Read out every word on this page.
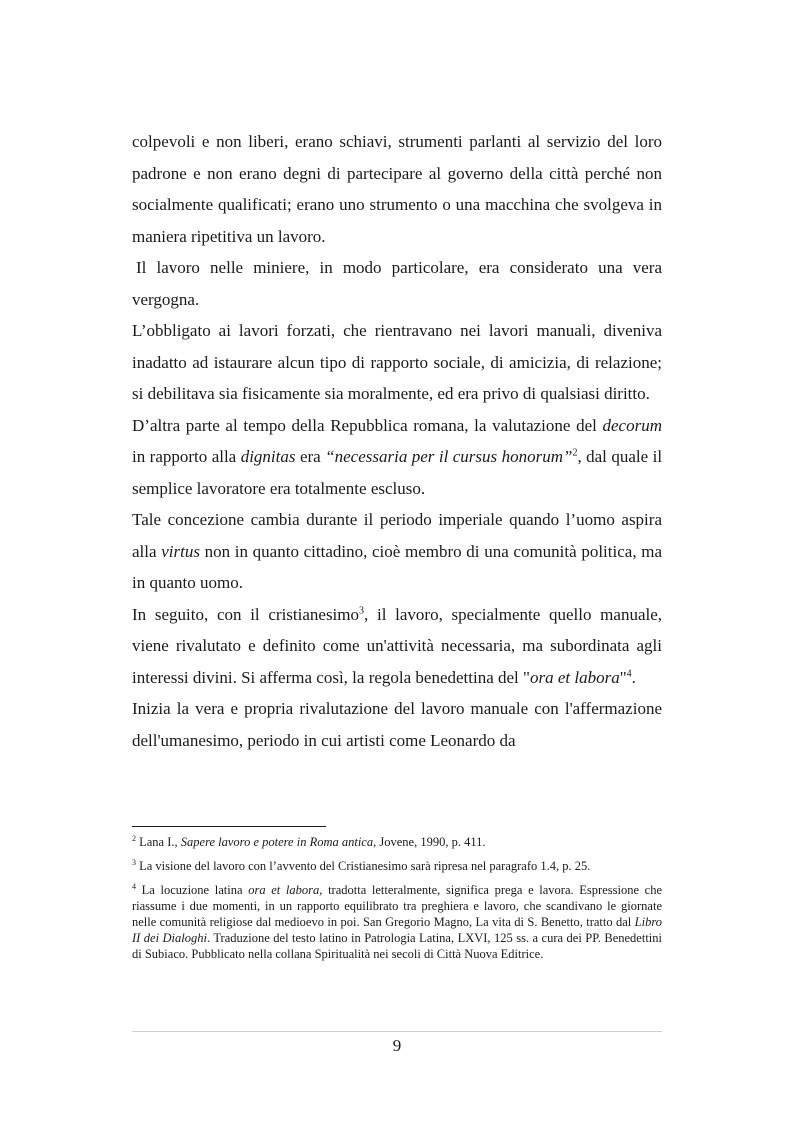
colpevoli e non liberi, erano schiavi, strumenti parlanti al servizio del loro padrone e non erano degni di partecipare al governo della città perché non socialmente qualificati; erano uno strumento o una macchina che svolgeva in maniera ripetitiva un lavoro.

Il lavoro nelle miniere, in modo particolare, era considerato una vera vergogna.

L’obbligato ai lavori forzati, che rientravano nei lavori manuali, diveniva inadatto ad istaurare alcun tipo di rapporto sociale, di amicizia, di relazione; si debilitava sia fisicamente sia moralmente, ed era privo di qualsiasi diritto.

D’altra parte al tempo della Repubblica romana, la valutazione del decorum in rapporto alla dignitas era “necessaria per il cursus honorum”$^2$, dal quale il semplice lavoratore era totalmente escluso.

Tale concezione cambia durante il periodo imperiale quando l’uomo aspira alla virtus non in quanto cittadino, cioè membro di una comunità politica, ma in quanto uomo.

In seguito, con il cristianesimo$^3$, il lavoro, specialmente quello manuale, viene rivalutato e definito come un'attività necessaria, ma subordinata agli interessi divini. Si afferma così, la regola benedettina del "ora et labora"$^4$.

Inizia la vera e propria rivalutazione del lavoro manuale con l'affermazione dell'umanesimo, periodo in cui artisti come Leonardo da

$^2$ Lana I., Sapere lavoro e potere in Roma antica, Jovene, 1990, p. 411.

$^3$ La visione del lavoro con l’avvento del Cristianesimo sarà ripresa nel paragrafo 1.4, p. 25.

$^4$ La locuzione latina ora et labora, tradotta letteralmente, significa prega e lavora. Espressione che riassume i due momenti, in un rapporto equilibrato tra preghiera e lavoro, che scandivano le giornate nelle comunità religiose dal medioevo in poi. San Gregorio Magno, La vita di S. Benetto, tratto dal Libro II dei Dialoghi. Traduzione del testo latino in Patrologia Latina, LXVI, 125 ss. a cura dei PP. Benedettini di Subiaco. Pubblicato nella collana Spiritualità nei secoli di Città Nuova Editrice.

9
